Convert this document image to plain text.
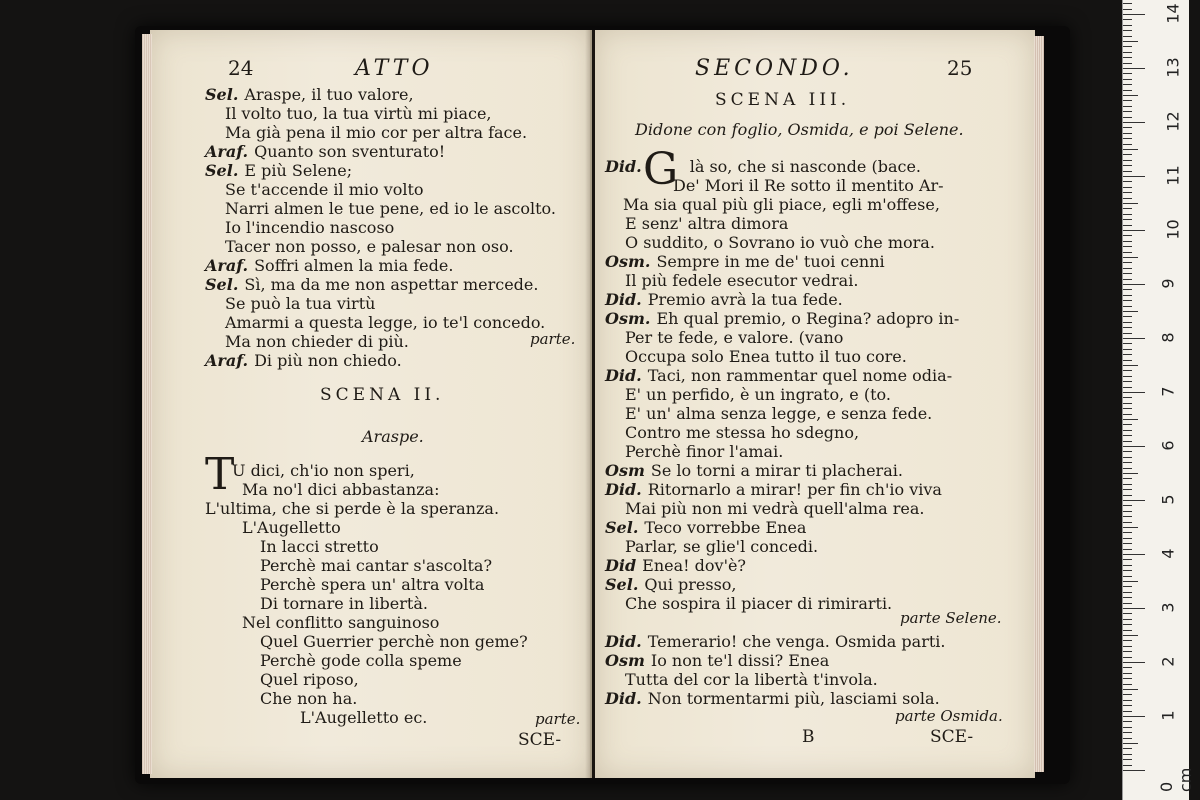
24	ATTO
Sel. Araspe, il tuo valore,
Il volto tuo, la tua virtù mi piace,
Ma già pena il mio cor per altra face.
Araf. Quanto son sventurato!
Sel. E più Selene;
Se t'accende il mio volto
Narri almen le tue pene, ed io le ascolto.
Io l'incendio nascoso
Tacer non posso, e palesar non oso.
Araf. Soffri almen la mia fede.
Sel. Sì, ma da me non aspettar mercede.
Se può la tua virtù
Amarmi a questa legge, io te'l concedo.
Ma non chieder di più.
Araf. Di più non chiedo.
parte.
SCENA II.
Araspe.
T
U dici, ch'io non speri,
Ma no'l dici abbastanza:
L'ultima, che si perde è la speranza.
L'Augelletto
In lacci stretto
Perchè mai cantar s'ascolta?
Perchè spera un' altra volta
Di tornare in libertà.
Nel conflitto sanguinoso
Quel Guerrier perchè non geme?
Perchè gode colla speme
Quel riposo,
Che non ha.
L'Augelletto ec.	parte.
SCE-
SECONDO.	25
SCENA III.
Didone con foglio, Osmida, e poi Selene.
G
Did.	là so, che si nasconde (bace.
De' Mori il Re sotto il mentito Ar-
Ma sia qual più gli piace, egli m'offese,
E senz' altra dimora
O suddito, o Sovrano io vuò che mora.
Osm. Sempre in me de' tuoi cenni
Il più fedele esecutor vedrai.
Did. Premio avrà la tua fede.
Osm. Eh qual premio, o Regina? adopro in-
Per te fede, e valore. (vano
Occupa solo Enea tutto il tuo core.
Did. Taci, non rammentar quel nome odia-
E' un perfido, è un ingrato, e (to.
E' un' alma senza legge, e senza fede.
Contro me stessa ho sdegno,
Perchè finor l'amai.
Osm Se lo torni a mirar ti placherai.
Did. Ritornarlo a mirar! per fin ch'io viva
Mai più non mi vedrà quell'alma rea.
Sel. Teco vorrebbe Enea
Parlar, se glie'l concedi.
Did Enea! dov'è?
Sel. Qui presso,
Che sospira il piacer di rimirarti.
Did. Temerario! che venga. Osmida parti.
Osm Io non te'l dissi? Enea
Tutta del cor la libertà t'invola.
Did. Non tormentarmi più, lasciami sola.
parte Selene.
parte Osmida.
B	SCE-
14
13
12
11
10
9
8
7
6
5
4
3
2
1
0 cm
